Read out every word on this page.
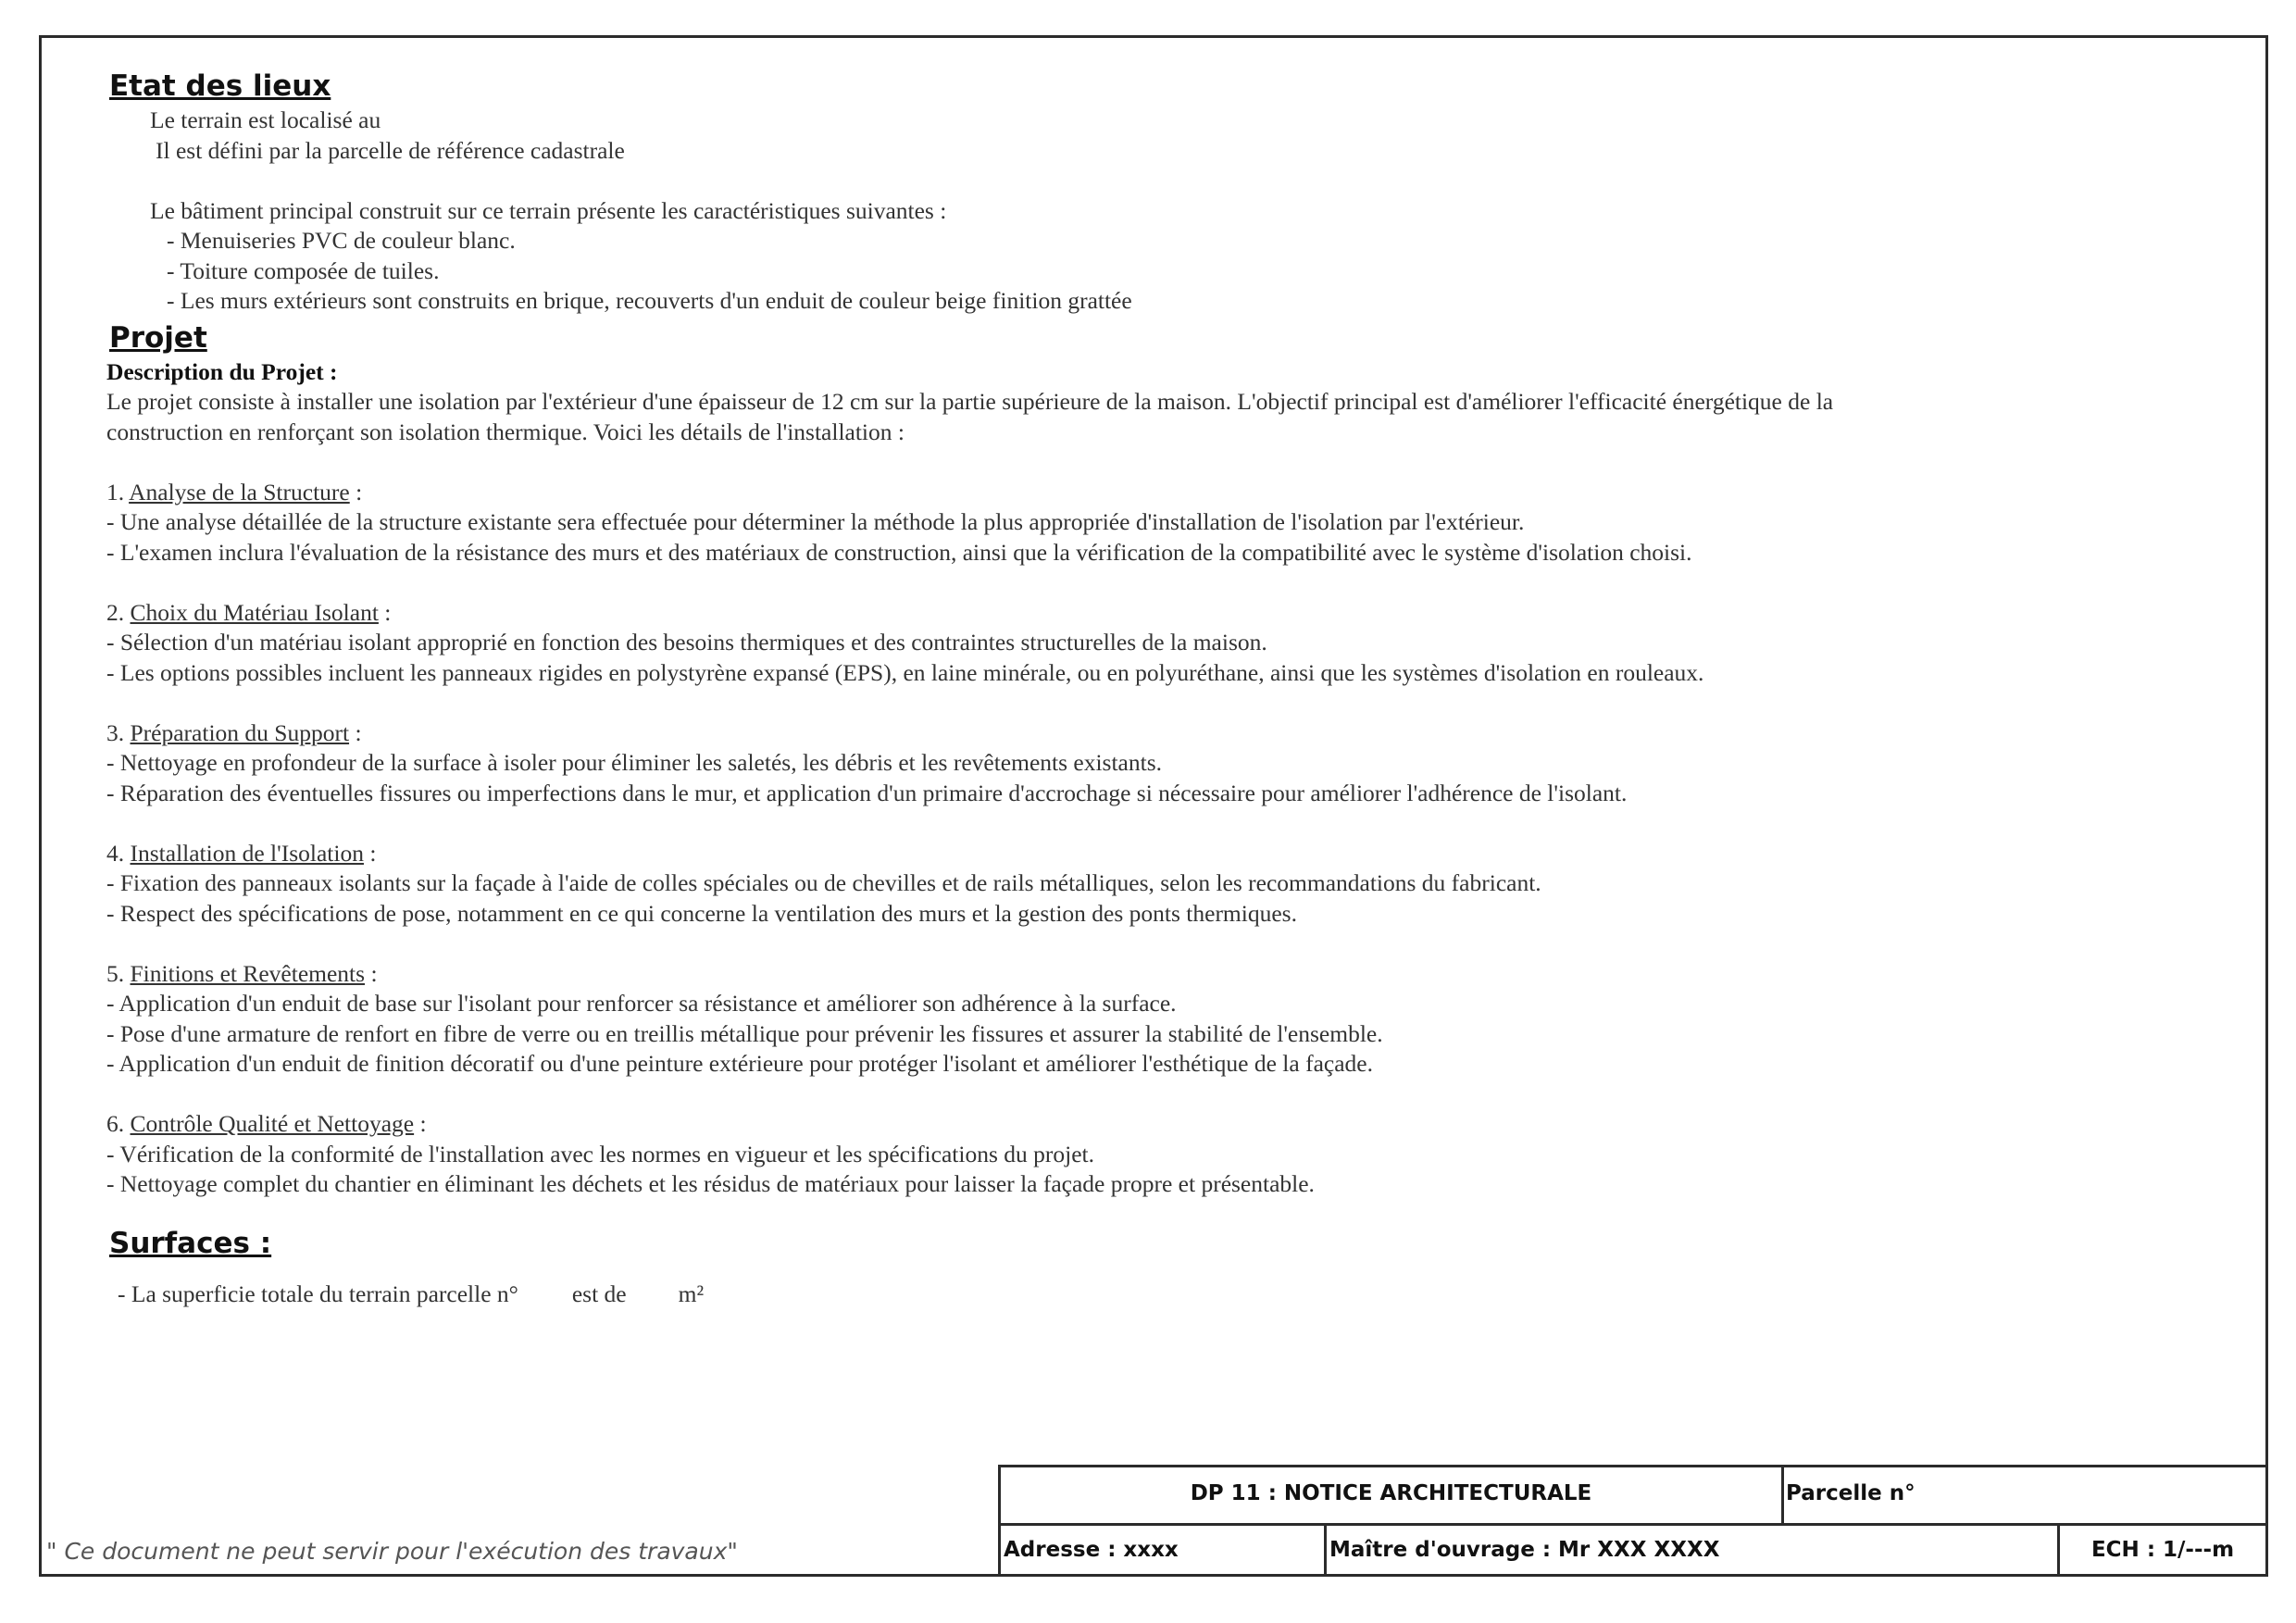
Etat des lieux
Le terrain est localisé au
Il est défini par la parcelle de référence cadastrale
Le bâtiment principal construit sur ce terrain présente les caractéristiques suivantes :
- Menuiseries PVC de couleur blanc.
- Toiture composée de tuiles.
- Les murs extérieurs sont construits en brique, recouverts d'un enduit de couleur beige finition grattée
Projet
Description du Projet :
Le projet consiste à installer une isolation par l'extérieur d'une épaisseur de 12 cm sur la partie supérieure de la maison. L'objectif principal est d'améliorer l'efficacité énergétique de la
construction en renforçant son isolation thermique. Voici les détails de l'installation :
1. Analyse de la Structure :
- Une analyse détaillée de la structure existante sera effectuée pour déterminer la méthode la plus appropriée d'installation de l'isolation par l'extérieur.
- L'examen inclura l'évaluation de la résistance des murs et des matériaux de construction, ainsi que la vérification de la compatibilité avec le système d'isolation choisi.
2. Choix du Matériau Isolant :
- Sélection d'un matériau isolant approprié en fonction des besoins thermiques et des contraintes structurelles de la maison.
- Les options possibles incluent les panneaux rigides en polystyrène expansé (EPS), en laine minérale, ou en polyuréthane, ainsi que les systèmes d'isolation en rouleaux.
3. Préparation du Support :
- Nettoyage en profondeur de la surface à isoler pour éliminer les saletés, les débris et les revêtements existants.
- Réparation des éventuelles fissures ou imperfections dans le mur, et application d'un primaire d'accrochage si nécessaire pour améliorer l'adhérence de l'isolant.
4. Installation de l'Isolation :
- Fixation des panneaux isolants sur la façade à l'aide de colles spéciales ou de chevilles et de rails métalliques, selon les recommandations du fabricant.
- Respect des spécifications de pose, notamment en ce qui concerne la ventilation des murs et la gestion des ponts thermiques.
5. Finitions et Revêtements :
- Application d'un enduit de base sur l'isolant pour renforcer sa résistance et améliorer son adhérence à la surface.
- Pose d'une armature de renfort en fibre de verre ou en treillis métallique pour prévenir les fissures et assurer la stabilité de l'ensemble.
- Application d'un enduit de finition décoratif ou d'une peinture extérieure pour protéger l'isolant et améliorer l'esthétique de la façade.
6. Contrôle Qualité et Nettoyage :
- Vérification de la conformité de l'installation avec les normes en vigueur et les spécifications du projet.
- Nettoyage complet du chantier en éliminant les déchets et les résidus de matériaux pour laisser la façade propre et présentable.
Surfaces :
- La superficie totale du terrain parcelle n° est de m²
DP 11 : NOTICE ARCHITECTURALE	Parcelle n°
Adresse : xxxx	Maître d'ouvrage : Mr XXX XXXX	ECH : 1/---m
" Ce document ne peut servir pour l'exécution des travaux"
